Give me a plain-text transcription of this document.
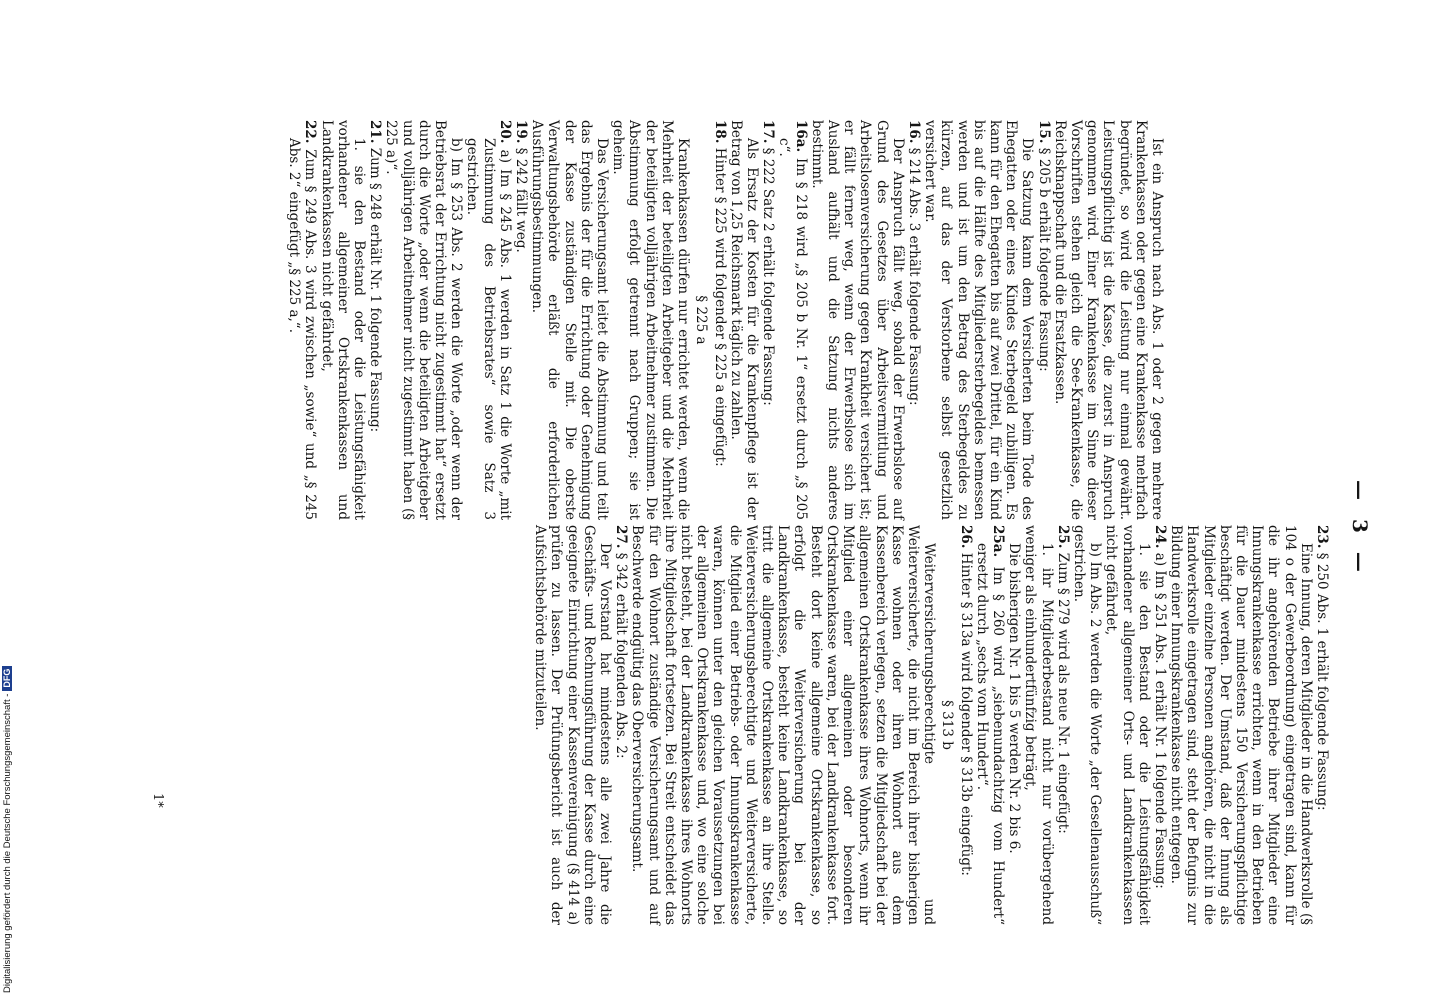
Ist ein Anspruch nach Abs. 1 oder 2 gegen mehrere Krankenkassen oder gegen eine Krankenkasse mehrfach begründet, so wird die Leistung nur einmal gewährt. Leistungspflichtig ist die Kasse, die zuerst in Anspruch genommen wird. Einer Krankenkasse im Sinne dieser Vorschriften stehen gleich die See-Krankenkasse, die Reichsknappschaft und die Ersatzkassen.

15. § 205 b erhält folgende Fassung:

Die Satzung kann dem Versicherten beim Tode des Ehegatten oder eines Kindes Sterbegeld zubilligen. Es kann für den Ehegatten bis auf zwei Drittel, für ein Kind bis auf die Hälfte des Mitgliedersterbegeldes bemessen werden und ist um den Betrag des Sterbegeldes zu kürzen, auf das der Verstorbene selbst gesetzlich versichert war.

16. § 214 Abs. 3 erhält folgende Fassung:

Der Anspruch fällt weg, sobald der Erwerbslose auf Grund des Gesetzes über Arbeitsvermittlung und Arbeitslosenversicherung gegen Krankheit versichert ist; er fällt ferner weg, wenn der Erwerbslose sich im Ausland aufhält und die Satzung nichts anderes bestimmt.

16a. Im § 218 wird „§ 205 b Nr. 1“ ersetzt durch „§ 205 c“.

17. § 222 Satz 2 erhält folgende Fassung:

Als Ersatz der Kosten für die Krankenpflege ist der Betrag von 1,25 Reichsmark täglich zu zahlen.

18. Hinter § 225 wird folgender § 225 a eingefügt:

§ 225 a

Krankenkassen dürfen nur errichtet werden, wenn die Mehrheit der beteiligten Arbeitgeber und die Mehrheit der beteiligten volljährigen Arbeitnehmer zustimmen. Die Abstimmung erfolgt getrennt nach Gruppen; sie ist geheim.

Das Versicherungsamt leitet die Abstimmung und teilt das Ergebnis der für die Errichtung oder Genehmigung der Kasse zuständigen Stelle mit. Die oberste Verwaltungsbehörde erläßt die erforderlichen Ausführungsbestimmungen.

19. § 242 fällt weg.

20. a) Im § 245 Abs. 1 werden in Satz 1 die Worte „mit Zustimmung des Betriebsrates“ sowie Satz 3 gestrichen.

b) Im § 253 Abs. 2 werden die Worte „oder wenn der Betriebsrat der Errichtung nicht zugestimmt hat“ ersetzt durch die Worte „oder wenn die beteiligten Arbeitgeber und volljährigen Arbeitnehmer nicht zugestimmt haben (§ 225 a)“.

21. Zum § 248 erhält Nr. 1 folgende Fassung:

1. sie den Bestand oder die Leistungsfähigkeit vorhandener allgemeiner Ortskrankenkassen und Landkrankenkassen nicht gefährdet,

22. Zum § 249 Abs. 3 wird zwischen „sowie“ und „§ 245 Abs. 2“ eingefügt „§ 225 a,“.

23. § 250 Abs. 1 erhält folgende Fassung:

Eine Innung, deren Mitglieder in die Handwerksrolle (§ 104 o der Gewerbeordnung) eingetragen sind, kann für die ihr angehörenden Betriebe ihrer Mitglieder eine Innungskrankenkasse errichten, wenn in den Betrieben für die Dauer mindestens 150 Versicherungspflichtige beschäftigt werden. Der Umstand, daß der Innung als Mitglieder einzelne Personen angehören, die nicht in die Handwerksrolle eingetragen sind, steht der Befugnis zur Bildung einer Innungskrankenkasse nicht entgegen.

24. a) Im § 251 Abs. 1 erhält Nr. 1 folgende Fassung:

1. sie den Bestand oder die Leistungsfähigkeit vorhandener allgemeiner Orts- und Landkrankenkassen nicht gefährdet,

b) Im Abs. 2 werden die Worte „der Gesellenausschuß“ gestrichen.

25. Zum § 279 wird als neue Nr. 1 eingefügt:

1. ihr Mitgliederbestand nicht nur vorübergehend weniger als einhundertfünfzig beträgt,

Die bisherigen Nr. 1 bis 5 werden Nr. 2 bis 6.

25a. Im § 260 wird „siebenundachtzig vom Hundert“ ersetzt durch „sechs vom Hundert“.

26. Hinter § 313a wird folgender § 313b eingefügt:

§ 313 b

Weiterversicherungsberechtigte und Weiterversicherte, die nicht im Bereich ihrer bisherigen Kasse wohnen oder ihren Wohnort aus dem Kassenbereich verlegen, setzen die Mitgliedschaft bei der allgemeinen Ortskrankenkasse ihres Wohnorts, wenn ihr Mitglied einer allgemeinen oder besonderen Ortskrankenkasse waren, bei der Landkrankenkasse fort. Besteht dort keine allgemeine Ortskrankenkasse, so erfolgt die Weiterversicherung bei der Landkrankenkasse, besteht keine Landkrankenkasse, so tritt die allgemeine Ortskrankenkasse an ihre Stelle. Weiterversicherungsberechtigte und Weiterversicherte, die Mitglied einer Betriebs- oder Innungskrankenkasse waren, können unter den gleichen Voraussetzungen bei der allgemeinen Ortskrankenkasse und, wo eine solche nicht besteht, bei der Landkrankenkasse ihres Wohnorts ihre Mitgliedschaft fortsetzen. Bei Streit entscheidet das für den Wohnort zuständige Versicherungsamt und auf Beschwerde endgültig das Oberversicherungsamt.

27. § 342 erhält folgenden Abs. 2:

Der Vorstand hat mindestens alle zwei Jahre die Geschäfts- und Rechnungsführung der Kasse durch eine geeignete Einrichtung einer Kassenvereinigung (§ 414 a) prüfen zu lassen. Der Prüfungsbericht ist auch der Aufsichtsbehörde mitzuteilen.	— 3 —
1*
Digitalisierung gefördert durch die Deutsche Forschungsgemeinschaft -DFG
